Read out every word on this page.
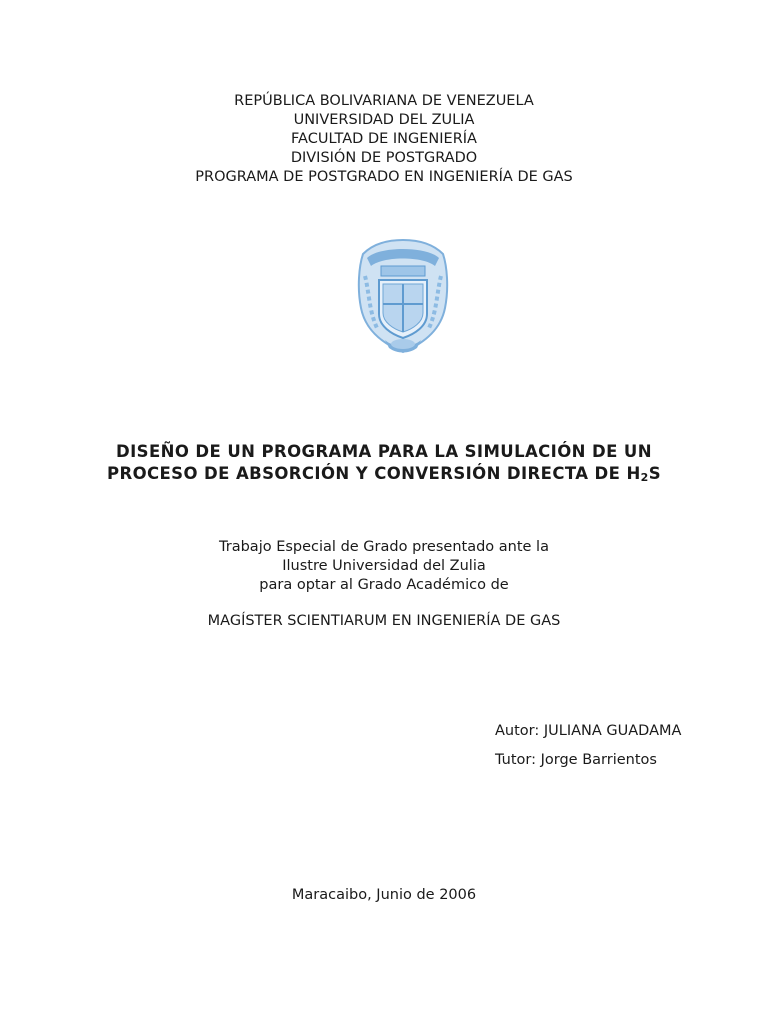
REPÚBLICA BOLIVARIANA DE VENEZUELA
UNIVERSIDAD DEL ZULIA
FACULTAD DE INGENIERÍA
DIVISIÓN DE POSTGRADO
PROGRAMA DE POSTGRADO EN INGENIERÍA DE GAS
DISEÑO DE UN PROGRAMA PARA LA SIMULACIÓN DE UN
PROCESO DE ABSORCIÓN Y CONVERSIÓN DIRECTA DE $H_2S$
Trabajo Especial de Grado presentado ante la
Ilustre Universidad del Zulia
para optar al Grado Académico de
MAGÍSTER SCIENTIARUM EN INGENIERÍA DE GAS
Autor: JULIANA GUADAMA
Tutor: Jorge Barrientos
Maracaibo, Junio de 2006
